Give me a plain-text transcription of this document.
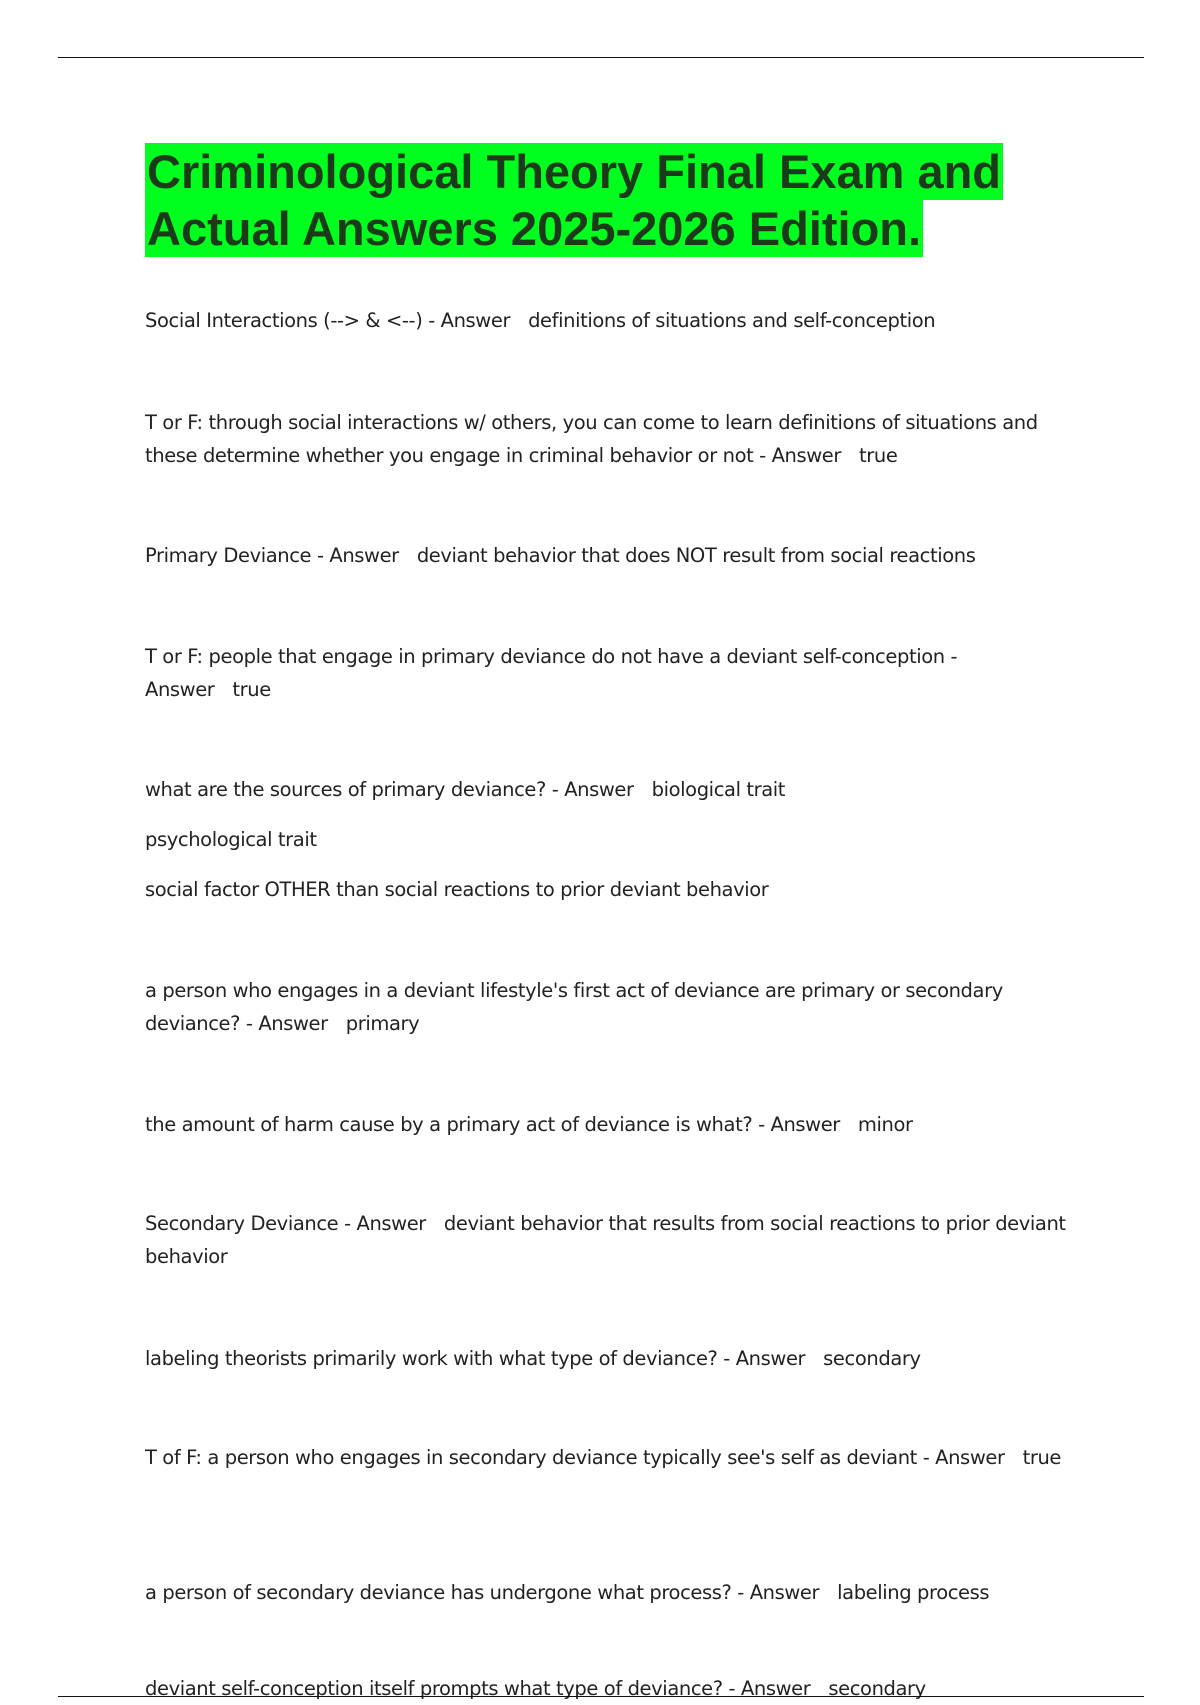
Criminological Theory Final Exam and
Actual Answers 2025-2026 Edition.

Social Interactions (--> & <--) - Answer definitions of situations and self-conception

T or F: through social interactions w/ others, you can come to learn definitions of situations and these determine whether you engage in criminal behavior or not - Answer true

Primary Deviance - Answer deviant behavior that does NOT result from social reactions

T or F: people that engage in primary deviance do not have a deviant self-conception - Answer true

what are the sources of primary deviance? - Answer biological trait

psychological trait

social factor OTHER than social reactions to prior deviant behavior

a person who engages in a deviant lifestyle's first act of deviance are primary or secondary deviance? - Answer primary

the amount of harm cause by a primary act of deviance is what? - Answer minor

Secondary Deviance - Answer deviant behavior that results from social reactions to prior deviant behavior

labeling theorists primarily work with what type of deviance? - Answer secondary

T of F: a person who engages in secondary deviance typically see's self as deviant - Answer true

a person of secondary deviance has undergone what process? - Answer labeling process

deviant self-conception itself prompts what type of deviance? - Answer secondary
